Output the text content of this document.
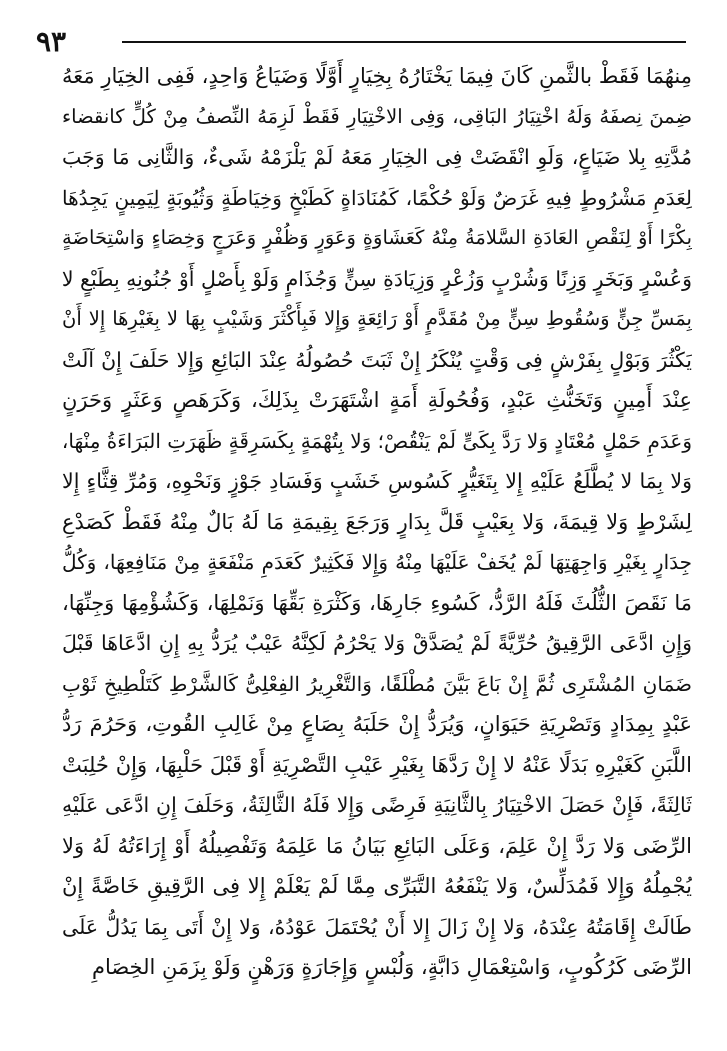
٩٣
مِنهُمَا فَقَطْ بالثَّمنِ كَانَ فِيمَا يَخْتَارُهُ بِخِيَارٍ أَوَّلًا وَضَيَاعُ وَاحِدٍ، فَفِى الخِيَارِ مَعَهُ
ضِمنَ نِصفَهُ وَلَهُ اخْتِيَارُ البَاقِى، وَفِى الاخْتِيَارِ فَقَطْ لَزِمَهُ النِّصفُ مِنْ كُلٍّ كانقضاء
مُدَّتِهِ بِلا ضَيَاعٍ، وَلَوِ انْقَضَتْ فِى الخِيَارِ مَعَهُ لَمْ يَلْزَمْهُ شَىءٌ، وَالثَّانِى مَا وَجَبَ
لِعَدَمِ مَشْرُوطٍ فِيهِ غَرَضٌ وَلَوْ حُكْمًا، كَمُنَادَاةٍ كَطَبْخٍ وَخِيَاطَةٍ وَثُيُوبَةٍ لِيَمِينٍ يَجِدُهَا
بِكْرًا أَوْ لِنَقْصِ العَادَةِ السَّلامَةُ مِنْهُ كَعَشَاوَةٍ وَعَوَرٍ وَظُفْرٍ وَعَرَجٍ وَخِصَاءٍ وَاسْتِحَاضَةٍ
وَعُسْرٍ وَبَخَرٍ وَزِنًا وَشُرْبٍ وَزُعْرٍ وَزِيَادَةِ سِنٍّ وَجُذَامٍ وَلَوْ بِأَصْلٍ أَوْ جُنُونِهِ بِطَبْعٍ لا
بِمَسِّ جِنٍّ وَسُقُوطِ سِنٍّ مِنْ مُقَدَّمٍ أَوْ رَائِعَةٍ وَإِلا فَبِأَكْثَرَ وَشَيْبٍ بِهَا لا بِغَيْرِهَا إِلا أَنْ
يَكْثُرَ وَبَوْلٍ بِفَرْشٍ فِى وَقْتٍ يُنْكَرُ إِنْ ثَبَتَ حُصُولُهُ عِنْدَ البَائِعِ وَإِلا حَلَفَ إِنْ آلَتْ
عِنْدَ أَمِينٍ وَتَخَنُّثِ عَبْدٍ، وَفُحُولَةِ أَمَةٍ اشْتَهَرَتْ بِذَلِكَ، وَكَرَهَصٍ وَعَثَرٍ وَحَرَنٍ
وَعَدَمِ حَمْلٍ مُعْتَادٍ وَلا رَدَّ بِكَىٍّ لَمْ يَنْقُصْ؛ وَلا بِتُهْمَةٍ بِكَسَرِقَةٍ ظَهَرَتِ البَرَاءَةُ مِنْهَا،
وَلا بِمَا لا يُطَّلَعُ عَلَيْهِ إِلا بِتَغَيُّرٍ كَسُوسِ خَشَبٍ وَفَسَادِ جَوْزٍ وَنَحْوِهِ، وَمُرِّ قِثَّاءٍ إِلا
لِشَرْطٍ وَلا قِيمَةَ، وَلا بِعَيْبٍ قَلَّ بِدَارٍ وَرَجَعَ بِقِيمَةِ مَا لَهُ بَالٌ مِنْهُ فَقَطْ كَصَدْعِ
جِدَارٍ بِغَيْرِ وَاجِهَتِهَا لَمْ يُخَفْ عَلَيْهَا مِنْهُ وَإِلا فَكَثِيرٌ كَعَدَمِ مَنْفَعَةٍ مِنْ مَنَافِعِهَا، وَكُلُّ
مَا نَقَصَ الثُّلُثَ فَلَهُ الرَّدُّ، كَسُوءِ جَارِهَا، وَكَثْرَةِ بَقِّهَا وَنَمْلِهَا، وَكَشُؤْمِهَا وَجِنِّهَا،
وَإِنِ ادَّعَى الرَّقِيقُ حُرِّيَّةً لَمْ يُصَدَّقْ وَلا يَحْرُمُ لَكِنَّهُ عَيْبٌ يُرَدُّ بِهِ إِنِ ادَّعَاهَا قَبْلَ
ضَمَانِ المُشْتَرِى ثُمَّ إِنْ بَاعَ بَيَّنَ مُطْلَقًا، وَالتَّغْرِيرُ الفِعْلِىُّ كَالشَّرْطِ كَتَلْطِيخِ ثَوْبِ
عَبْدٍ بِمِدَادٍ وَتَصْرِيَةِ حَيَوَانٍ، وَيُرَدُّ إِنْ حَلَبَهُ بِصَاعٍ مِنْ غَالِبِ القُوتِ، وَحَرُمَ رَدُّ
اللَّبَنِ كَغَيْرِهِ بَدَلًا عَنْهُ لا إِنْ رَدَّهَا بِغَيْرِ عَيْبِ التَّصْرِيَةِ أَوْ قَبْلَ حَلْبِهَا، وَإِنْ حُلِبَتْ
ثَالِثَةً، فَإِنْ حَصَلَ الاخْتِيَارُ بِالثَّانِيَةِ فَرِضًى وَإِلا فَلَهُ الثَّالِثَةُ، وَحَلَفَ إِنِ ادَّعَى عَلَيْهِ
الرِّضَى وَلا رَدَّ إِنْ عَلِمَ، وَعَلَى البَائِعِ بَيَانُ مَا عَلِمَهُ وَتَفْصِيلُهُ أَوْ إِرَاءَتُهُ لَهُ وَلا
يُجْمِلُهُ وَإِلا فَمُدَلِّسٌ، وَلا يَنْفَعُهُ التَّبَرِّى مِمَّا لَمْ يَعْلَمْ إِلا فِى الرَّقِيقِ خَاصَّةً إِنْ
طَالَتْ إِقَامَتُهُ عِنْدَهُ، وَلا إِنْ زَالَ إِلا أَنْ يُحْتَمَلَ عَوْدُهُ، وَلا إِنْ أَتَى بِمَا يَدُلُّ عَلَى
الرِّضَى كَرُكُوبٍ، وَاسْتِعْمَالِ دَابَّةٍ، وَلُبْسٍ وَإِجَارَةٍ وَرَهْنٍ وَلَوْ بِزَمَنِ الخِصَامِ
